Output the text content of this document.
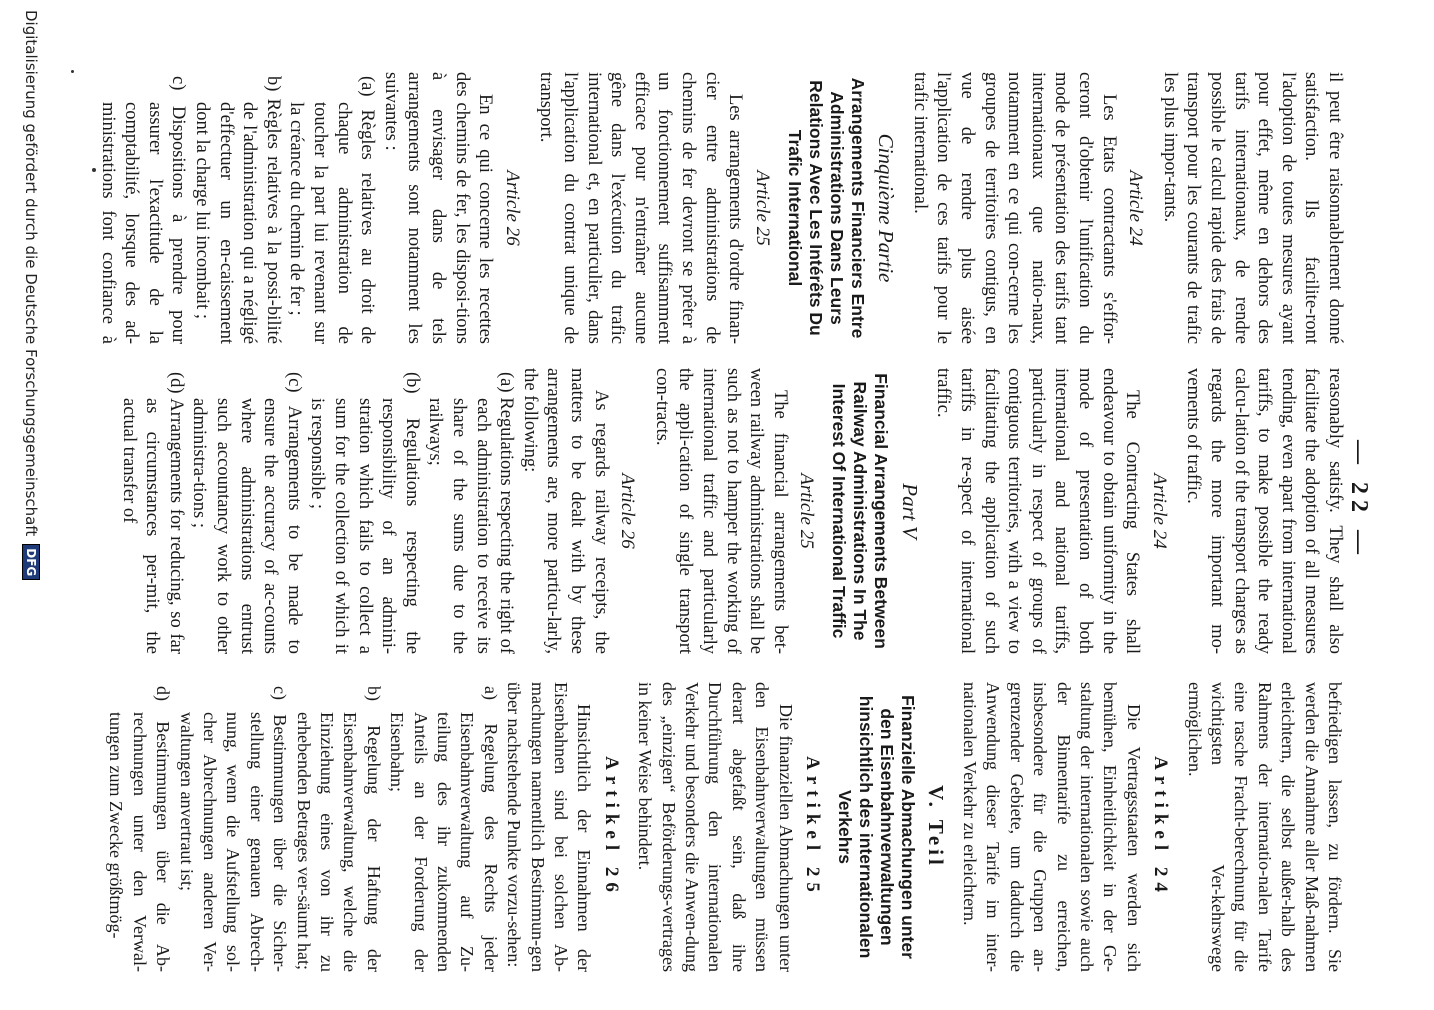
— 22 —

il peut être raisonnablement donné satisfaction. Ils facilite-ront l'adoption de toutes mesures ayant pour effet, même en dehors des tarifs internationaux, de rendre possible le calcul rapide des frais de transport pour les courants de trafic les plus impor-tants.

Article 24

Les Etats contractants s'effor-ceront d'obtenir l'unification du mode de présentation des tarifs tant internationaux que natio-naux, notamment en ce qui con-cerne les groupes de territoires contigus, en vue de rendre plus aisée l'application de ces tarifs pour le trafic international.

Cinquième Partie
Arrangements Financiers Entre Administrations Dans Leurs Relations Avec Les Intérêts Du Trafic International
Article 25

Les arrangements d'ordre finan-cier entre administrations de chemins de fer devront se prêter à un fonctionnement suffisamment efficace pour n'entraîner aucune gêne dans l'exécution du trafic international et, en particulier, dans l'application du contrat unique de transport.

Article 26

En ce qui concerne les recettes des chemins de fer, les disposi-tions à envisager dans de tels arrangements sont notamment les suivantes :

(a) Règles relatives au droit de chaque administration de toucher la part lui revenant sur la créance du chemin de fer ;

b) Règles relatives à la possi-bilité de l'administration qui a négligé d'effectuer un en-caissement dont la charge lui incombait ;

c) Dispositions à prendre pour assurer l'exactitude de la comptabilité, lorsque des ad-ministrations font confiance à

reasonably satisfy. They shall also facilitate the adoption of all measures tending, even apart from international tariffs, to make possible the ready calcu-lation of the transport charges as regards the more important mo-vements of traffic.

Article 24

The Contracting States shall endeavour to obtain uniformity in the mode of presentation of both international and national tariffs, particularly in respect of groups of contiguous territories, with a view to facilitating the application of such tariffs in re-spect of international traffic.

Part V
Financial Arrangements Between Railway Administrations In The Interest Of International Traffic
Article 25

The financial arrangements bet-ween railway administrations shall be such as not to hamper the working of international traffic and particularly the appli-cation of single transport con-tracts.

Article 26

As regards railway receipts, the matters to be dealt with by these arrangements are, more particu-larly, the following:

(a) Regulations respecting the right of each administration to receive its share of the sums due to the railways;

(b) Regulations respecting the responsibility of an admini-stration which fails to collect a sum for the collection of which it is responsible ;

(c) Arrangements to be made to ensure the accuracy of ac-counts where administrations entrust such accountancy work to other administra-tions ;

(d) Arrangements for reducing, so far as circumstances per-mit, the actual transfer of

befriedigen lassen, zu fördern. Sie werden die Annahme aller Maß-nahmen erleichtern, die selbst außer-halb des Rahmens der internatio-nalen Tarife eine rasche Fracht-berechnung für die wichtigsten Ver-kehrswege ermöglichen.

Artikel 24

Die Vertragsstaaten werden sich bemühen, Einheitlichkeit in der Ge-staltung der internationalen sowie auch der Binnentarife zu erreichen, insbesondere für die Gruppen an-grenzender Gebiete, um dadurch die Anwendung dieser Tarife im inter-nationalen Verkehr zu erleichtern.

V. Teil
Finanzielle Abmachungen unter den Eisenbahnverwaltungen hinsichtlich des internationalen Verkehrs
Artikel 25

Die finanziellen Abmachungen unter den Eisenbahnverwaltungen müssen derart abgefaßt sein, daß ihre Durchführung den internationalen Verkehr und besonders die Anwen-dung des „einzigen“ Beförderungs-vertrages in keiner Weise behindert.

Artikel 26

Hinsichtlich der Einnahmen der Eisenbahnen sind bei solchen Ab-machungen namentlich Bestimmun-gen über nachstehende Punkte vorzu-sehen:

a) Regelung des Rechts jeder Eisenbahnverwaltung auf Zu-teilung des ihr zukommenden Anteils an der Forderung der Eisenbahn;

b) Regelung der Haftung der Eisenbahnverwaltung, welche die Einziehung eines von ihr zu erhebenden Betrages ver-säumt hat;

c) Bestimmungen über die Sicher-stellung einer genauen Abrech-nung, wenn die Aufstellung sol-cher Abrechnungen anderen Ver-waltungen anvertraut ist;

d) Bestimmungen über die Ab-rechnungen unter den Verwal-tungen zum Zwecke größtmög-

Digitalisierung gefördert durch die Deutsche Forschungsgemeinschaft
DFG
